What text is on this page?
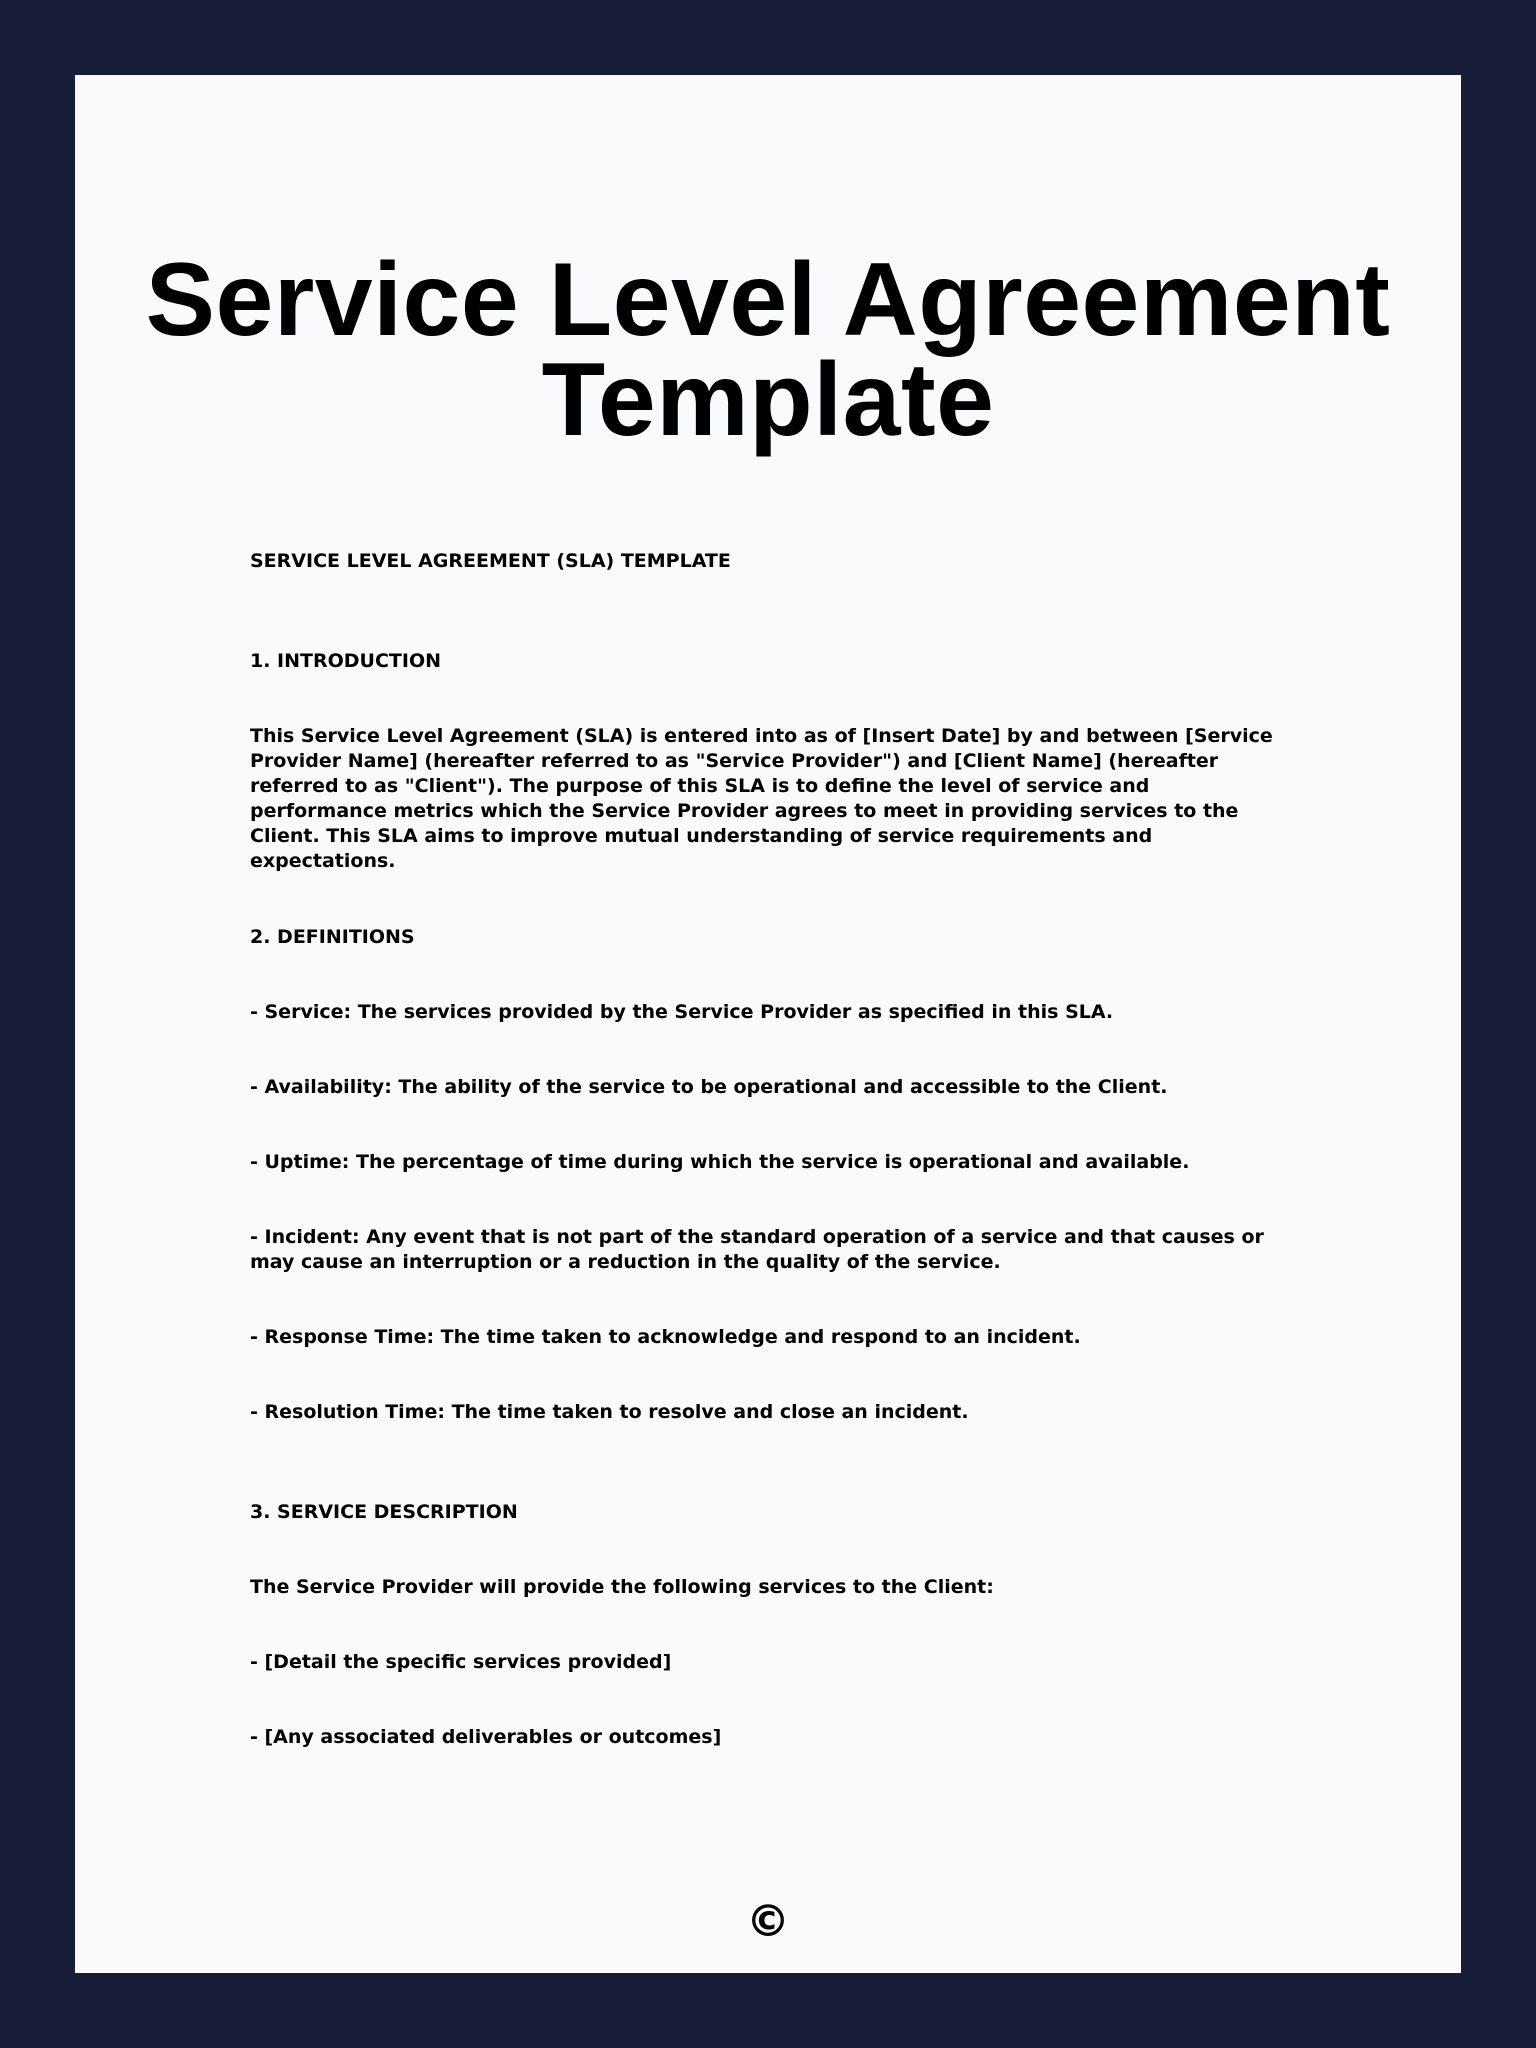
Service Level Agreement
Template

SERVICE LEVEL AGREEMENT (SLA) TEMPLATE

1. INTRODUCTION

This Service Level Agreement (SLA) is entered into as of [Insert Date] by and between [Service Provider Name] (hereafter referred to as "Service Provider") and [Client Name] (hereafter referred to as "Client"). The purpose of this SLA is to define the level of service and performance metrics which the Service Provider agrees to meet in providing services to the Client. This SLA aims to improve mutual understanding of service requirements and expectations.

2. DEFINITIONS

- Service: The services provided by the Service Provider as specified in this SLA.

- Availability: The ability of the service to be operational and accessible to the Client.

- Uptime: The percentage of time during which the service is operational and available.

- Incident: Any event that is not part of the standard operation of a service and that causes or may cause an interruption or a reduction in the quality of the service.

- Response Time: The time taken to acknowledge and respond to an incident.

- Resolution Time: The time taken to resolve and close an incident.

3. SERVICE DESCRIPTION

The Service Provider will provide the following services to the Client:

- [Detail the specific services provided]

- [Any associated deliverables or outcomes]

©
